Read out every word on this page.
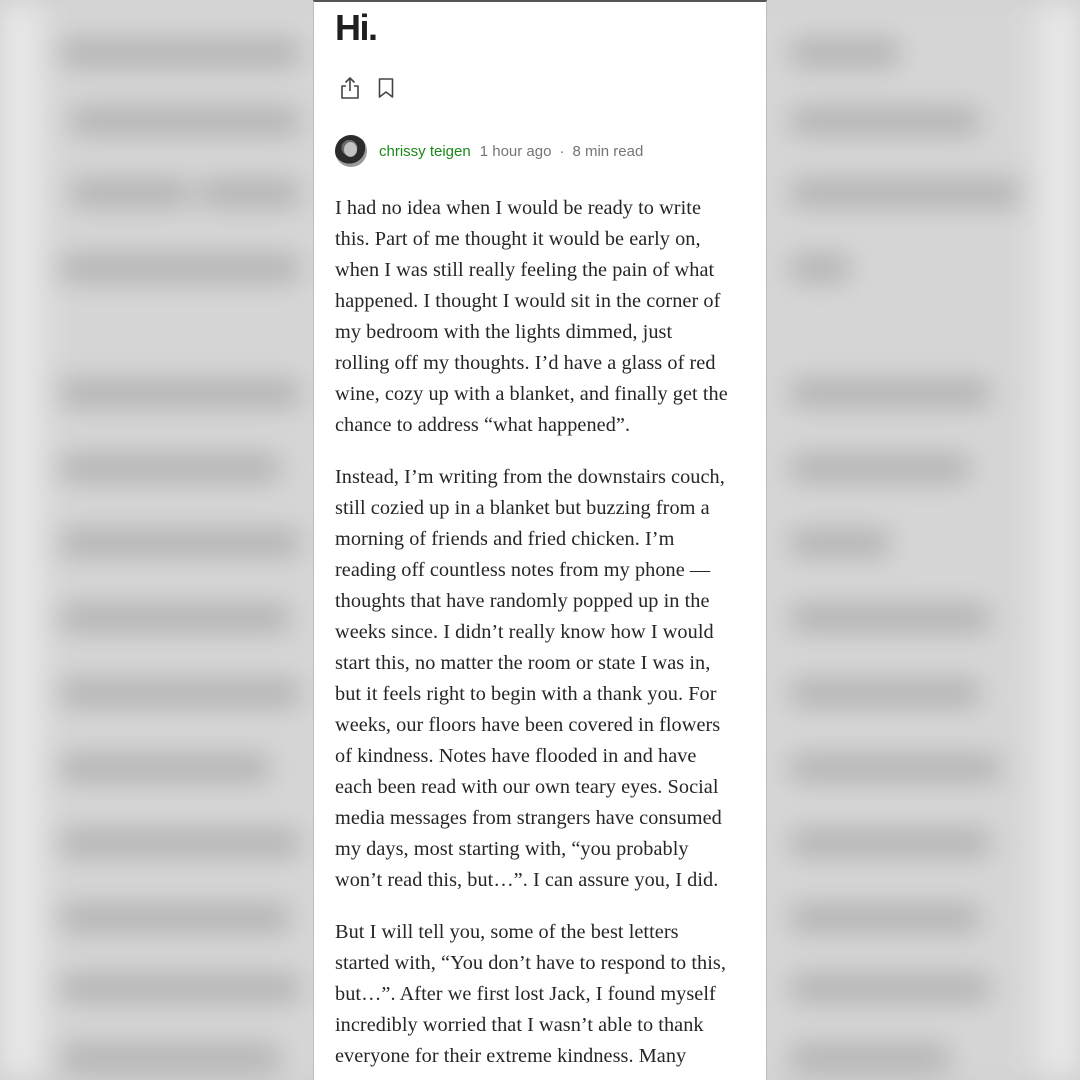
Hi.
chrissy teigen 1 hour ago · 8 min read

I had no idea when I would be ready to write
this. Part of me thought it would be early on,
when I was still really feeling the pain of what
happened. I thought I would sit in the corner of
my bedroom with the lights dimmed, just
rolling off my thoughts. I’d have a glass of red
wine, cozy up with a blanket, and finally get the
chance to address “what happened”.

Instead, I’m writing from the downstairs couch,
still cozied up in a blanket but buzzing from a
morning of friends and fried chicken. I’m
reading off countless notes from my phone —
thoughts that have randomly popped up in the
weeks since. I didn’t really know how I would
start this, no matter the room or state I was in,
but it feels right to begin with a thank you. For
weeks, our floors have been covered in flowers
of kindness. Notes have flooded in and have
each been read with our own teary eyes. Social
media messages from strangers have consumed
my days, most starting with, “you probably
won’t read this, but…”. I can assure you, I did.

But I will tell you, some of the best letters
started with, “You don’t have to respond to this,
but…”. After we first lost Jack, I found myself
incredibly worried that I wasn’t able to thank
everyone for their extreme kindness. Many
